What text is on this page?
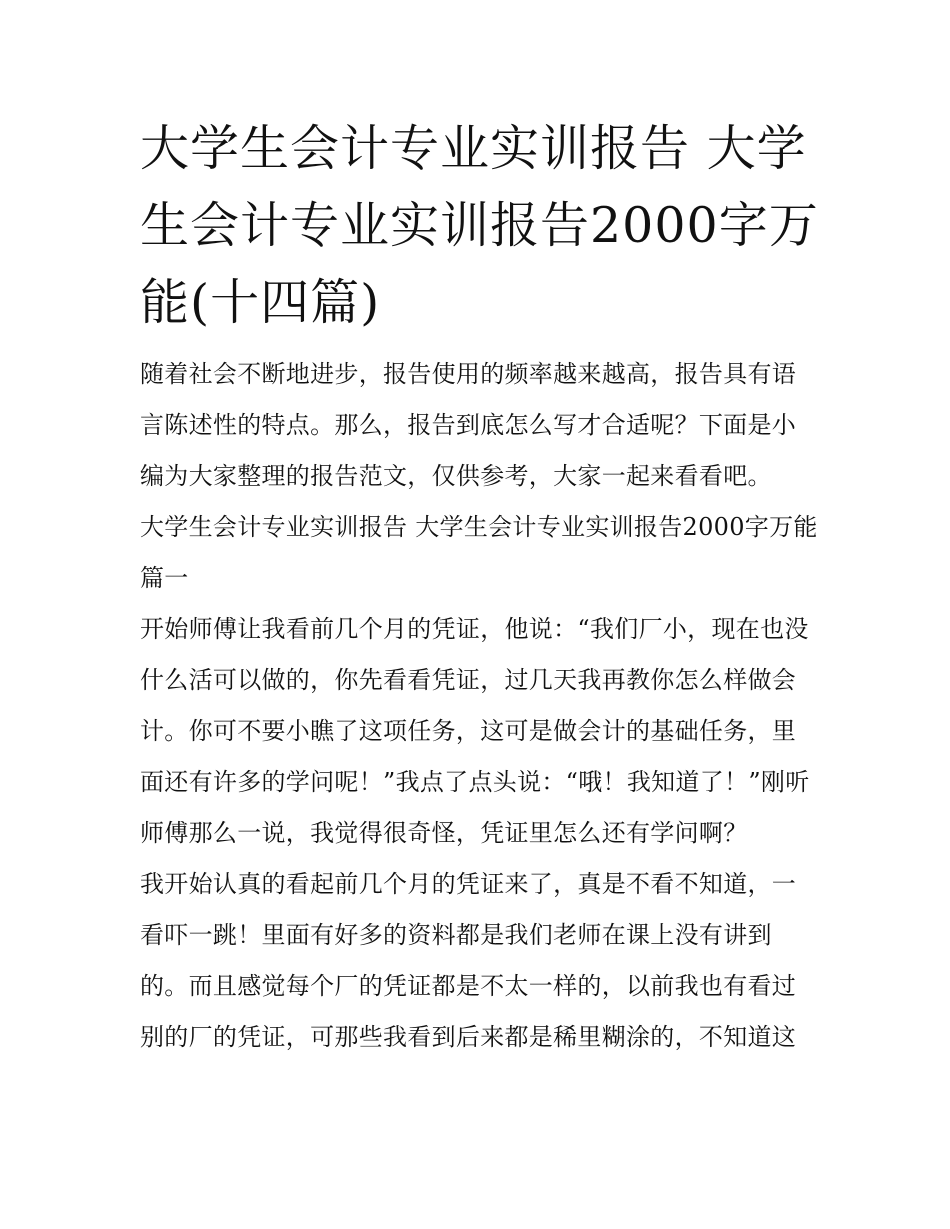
大学生会计专业实训报告 大学生会计专业实训报告2000字万能(十四篇)

随着社会不断地进步，报告使用的频率越来越高，报告具有语言陈述性的特点。那么，报告到底怎么写才合适呢？下面是小编为大家整理的报告范文，仅供参考，大家一起来看看吧。

大学生会计专业实训报告 大学生会计专业实训报告2000字万能篇一

开始师傅让我看前几个月的凭证，他说：“我们厂小，现在也没什么活可以做的，你先看看凭证，过几天我再教你怎么样做会计。你可不要小瞧了这项任务，这可是做会计的基础任务，里面还有许多的学问呢！”我点了点头说：“哦！我知道了！”刚听师傅那么一说，我觉得很奇怪，凭证里怎么还有学问啊？

我开始认真的看起前几个月的凭证来了，真是不看不知道，一看吓一跳！里面有好多的资料都是我们老师在课上没有讲到的。而且感觉每个厂的凭证都是不太一样的，以前我也有看过别的厂的凭证，可那些我看到后来都是稀里糊涂的，不知道这
